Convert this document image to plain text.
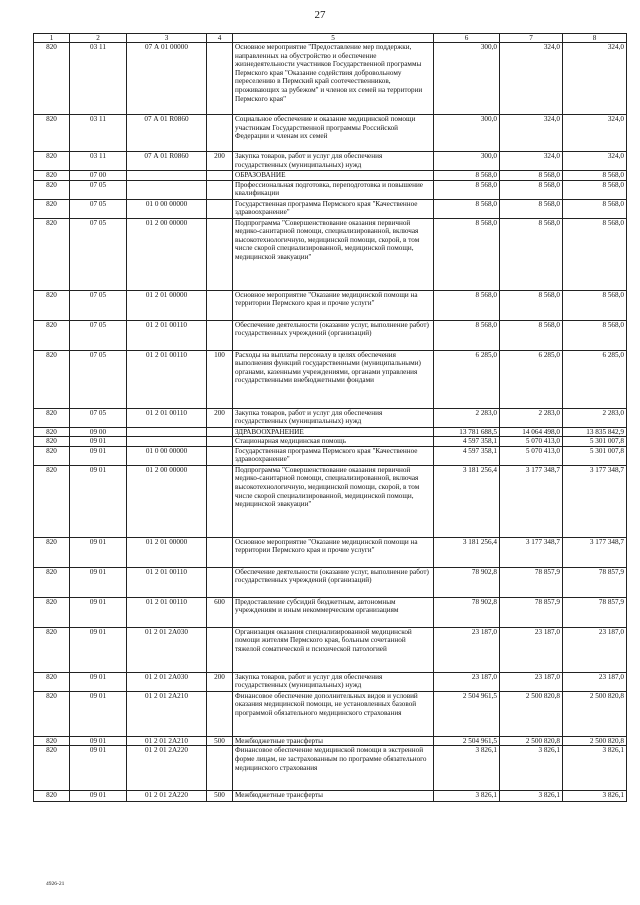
27
1	2	3	4	5	6	7	8
820	03 11	07 А 01 00000		Основное мероприятие "Предоставление мер поддержки, направленных на обустройство и обеспечение жизнедеятельности участников Государственной программы Пермского края "Оказание содействия добровольному переселению в Пермский край соотечественников, проживающих за рубежом" и членов их семей на территории Пермского края"	300,0	324,0	324,0
820	03 11	07 А 01 R0860		Социальное обеспечение и оказание медицинской помощи участникам Государственной программы Российской Федерации и членам их семей	300,0	324,0	324,0
820	03 11	07 А 01 R0860	200	Закупка товаров, работ и услуг для обеспечения государственных (муниципальных) нужд	300,0	324,0	324,0
820	07 00			ОБРАЗОВАНИЕ	8 568,0	8 568,0	8 568,0
820	07 05			Профессиональная подготовка, переподготовка и повышение квалификации	8 568,0	8 568,0	8 568,0
820	07 05	01 0 00 00000		Государственная программа Пермского края "Качественное здравоохранение"	8 568,0	8 568,0	8 568,0
820	07 05	01 2 00 00000		Подпрограмма "Совершенствование оказания первичной медико-санитарной помощи, специализированной, включая высокотехнологичную, медицинской помощи, скорой, в том числе скорой специализированной, медицинской помощи, медицинской эвакуации"	8 568,0	8 568,0	8 568,0
820	07 05	01 2 01 00000		Основное мероприятие "Оказание медицинской помощи на территории Пермского края и прочие услуги"	8 568,0	8 568,0	8 568,0
820	07 05	01 2 01 00110		Обеспечение деятельности (оказание услуг, выполнение работ) государственных учреждений (организаций)	8 568,0	8 568,0	8 568,0
820	07 05	01 2 01 00110	100	Расходы на выплаты персоналу в целях обеспечения выполнения функций государственными (муниципальными) органами, казенными учреждениями, органами управления государственными внебюджетными фондами	6 285,0	6 285,0	6 285,0
820	07 05	01 2 01 00110	200	Закупка товаров, работ и услуг для обеспечения государственных (муниципальных) нужд	2 283,0	2 283,0	2 283,0
820	09 00			ЗДРАВООХРАНЕНИЕ	13 781 688,5	14 064 498,0	13 835 842,9
820	09 01			Стационарная медицинская помощь	4 597 358,1	5 070 413,0	5 301 007,8
820	09 01	01 0 00 00000		Государственная программа Пермского края "Качественное здравоохранение"	4 597 358,1	5 070 413,0	5 301 007,8
820	09 01	01 2 00 00000		Подпрограмма "Совершенствование оказания первичной медико-санитарной помощи, специализированной, включая высокотехнологичную, медицинской помощи, скорой, в том числе скорой специализированной, медицинской помощи, медицинской эвакуации"	3 181 256,4	3 177 348,7	3 177 348,7
820	09 01	01 2 01 00000		Основное мероприятие "Оказание медицинской помощи на территории Пермского края и прочие услуги"	3 181 256,4	3 177 348,7	3 177 348,7
820	09 01	01 2 01 00110		Обеспечение деятельности (оказание услуг, выполнение работ) государственных учреждений (организаций)	78 902,8	78 857,9	78 857,9
820	09 01	01 2 01 00110	600	Предоставление субсидий бюджетным, автономным учреждениям и иным некоммерческим организациям	78 902,8	78 857,9	78 857,9
820	09 01	01 2 01 2А030		Организация оказания специализированной медицинской помощи жителям Пермского края, больным сочетанной тяжелой соматической и психической патологией	23 187,0	23 187,0	23 187,0
820	09 01	01 2 01 2А030	200	Закупка товаров, работ и услуг для обеспечения государственных (муниципальных) нужд	23 187,0	23 187,0	23 187,0
820	09 01	01 2 01 2А210		Финансовое обеспечение дополнительных видов и условий оказания медицинской помощи, не установленных базовой программой обязательного медицинского страхования	2 504 961,5	2 500 820,8	2 500 820,8
820	09 01	01 2 01 2А210	500	Межбюджетные трансферты	2 504 961,5	2 500 820,8	2 500 820,8
820	09 01	01 2 01 2А220		Финансовое обеспечение медицинской помощи в экстренной форме лицам, не застрахованным по программе обязательного медицинского страхования	3 826,1	3 826,1	3 826,1
820	09 01	01 2 01 2А220	500	Межбюджетные трансферты	3 826,1	3 826,1	3 826,1
4926-21
